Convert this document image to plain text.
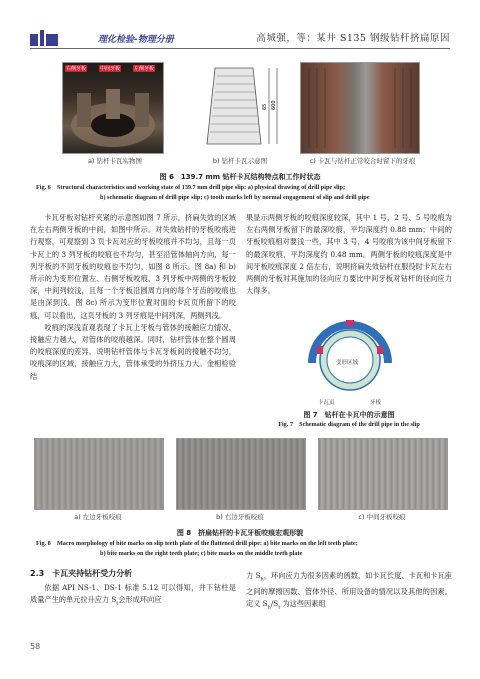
理化检验-物理分册	高城强，等：某井 S135 钢级钻杆挤扁原因
右侧牙板	中间牙板	左侧牙板
65 600
a) 钻杆卡瓦实物图	b) 钻杆卡瓦示意图	c) 卡瓦与钻杆正常咬合时留下的牙痕
图 6　139.7 mm 钻杆卡瓦结构特点和工作时状态
Fig. 6　Structural characteristics and working state of 139.7 mm drill pipe slip: a) physical drawing of drill pipe slip;
b) schematic diagram of drill pipe slip; c) tooth marks left by normal engagement of slip and drill pipe

卡瓦牙板对钻杆夹紧的示意图如图 7 所示，挤扁失效的区域在左右两侧牙板的中间，如图中所示。对失效钻杆的牙板咬痕进行观察，可观察到 3 页卡瓦对应的牙板咬痕并不均匀，且每一页卡瓦上的 3 列牙板的咬痕也不均匀，甚至沿管体轴向方向，每一列牙板的不同牙板的咬痕也不均匀，如图 8 所示。图 8a) 和 b) 所示的为变形位置左、右侧牙板咬痕，3 列牙板中两侧的牙板较深，中间列较浅，且每一个牙板沿圆周方向的每个牙齿的咬痕也是由深到浅。图 8c) 所示为变形位置对面的卡瓦页所留下的咬痕，可以看出，这页牙板的 3 列牙痕是中间列深，两侧列浅。

咬痕的深浅直观表现了卡瓦上牙板与管体的接触应力情况，接触应力越大，对管体的咬痕越深。同时，钻杆管体在整个圆周的咬痕深度的差异，说明钻杆管体与卡瓦牙板间的接触不均匀，咬痕深的区域，接触应力大，管体承受的外挤压力大。金相检验结

果显示两侧牙板的咬痕深度较深，其中 1 号，2 号、5 号咬痕为左右两侧牙板留下的最深咬痕，平均深度约 0.88 mm；中间的牙板咬痕相对要浅一些，其中 3 号，4 号咬痕为该中间牙板留下的最深咬痕，平均深度约 0.48 mm。两侧牙板的咬痕深度是中间牙板咬痕深度 2 倍左右，说明挤扁失效钻杆在服役时卡瓦左右两侧的牙板对其施加的径向应力要比中间牙板对钻杆的径向应力大得多。

变形区域
卡瓦页	牙板
图 7　钻杆在卡瓦中的示意图
Fig. 7　Schematic diagram of the drill pipe in the slip
a) 左边牙板咬痕	b) 右边牙板咬痕	c) 中间牙板咬痕
图 8　挤扁钻杆的卡瓦牙板咬痕宏观形貌
Fig. 8　Macro morphology of bite marks on slip teeth plate of the flattened drill pipe: a) bite marks on the left teeth plate;
b) bite marks on the right teeth plate; c) bite marks on the middle teeth plate
2.3　卡瓦夹持钻杆受力分析

依据 API NS-1、DS-1 标准 5.12 可以得知，井下钻柱是质量产生的单元拉升应力 $S_t$会形成环向应

力 $S_h$，环向应力为很多因素的函数，如卡瓦长度、卡瓦和卡瓦座之间的摩擦因数、管体外径、所用设备的情况以及其他的因素。定义 $S_h/S_t$ 为这些因素组

58
